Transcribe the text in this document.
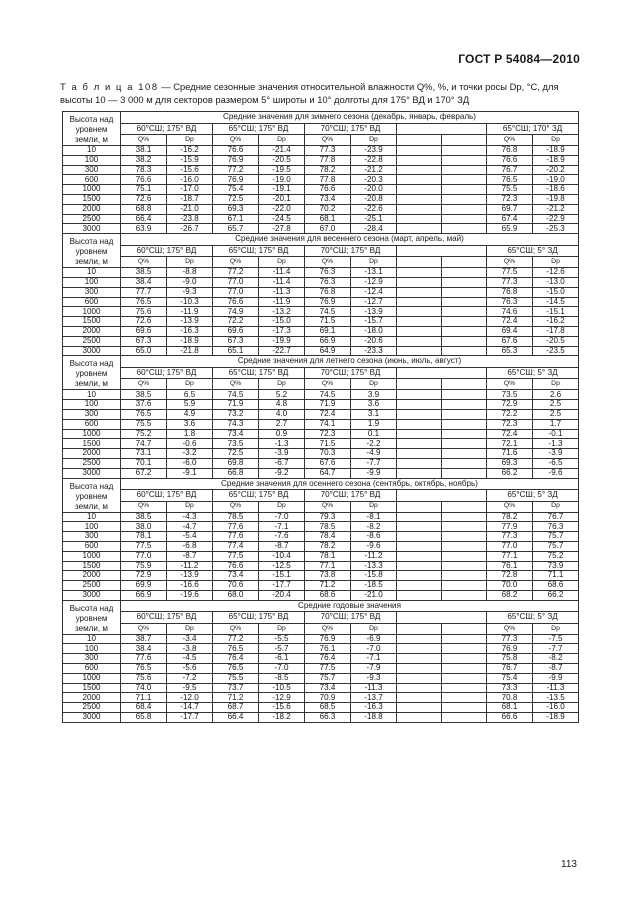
ГОСТ Р 54084—2010
Т а б л и ц а 108 — Средние сезонные значения относительной влажности Q%, %, и точки росы Dp, °С, для высоты 10 — 3 000 м для секторов размером 5° широты и 10° долготы для 175° ВД и 170° ЗД
Высота над уровнем земли, м	Средние значения для зимнего сезона (декабрь, январь, февраль)									
	60°СШ; 175° ВД		65°СШ; 175° ВД		70°СШ; 175° ВД				65°СШ; 170° ЗД	
	Q%	Dp	Q%	Dp	Q%	Dp			Q%	Dp
10	38.1	-16.2	76.6	-21.4	77.3	-23.9			76.8	-18.9
100	38.2	-15.9	76.9	-20.5	77.8	-22.8			76.6	-18.9
300	78.3	-15.6	77.2	-19.5	78.2	-21.2			76.7	-20.2
600	76.6	-16.0	76.9	-19.0	77.8	-20.3			76.5	-19.0
1000	75.1	-17.0	75.4	-19.1	76.6	-20.0			75.5	-18.6
1500	72.6	-18.7	72.5	-20.1	73.4	-20.8			72.3	-19.8
2000	68.8	-21.0	69.3	-22.0	70.2	-22.6			69.7	-21.2
2500	66.4	-23.8	67.1	-24.5	68.1	-25.1			67.4	-22.9
3000	63.9	-26.7	65.7	-27.8	67.0	-28.4			65.9	-25.3
Высота над уровнем земли, м	Средние значения для весеннего сезона (март, апрель, май)									
	60°СШ; 175° ВД		65°СШ; 175° ВД		70°СШ; 175° ВД				65°СШ; 5° ЗД	
	Q%	Dp	Q%	Dp	Q%	Dp			Q%	Dp
10	38.5	-8.8	77.2	-11.4	76.3	-13.1			77.5	-12.6
100	38.4	-9.0	77.0	-11.4	76.3	-12.9			77.3	-13.0
300	77.7	-9.3	77.0	-11.3	76.8	-12.4			76.8	-15.0
600	76.5	-10.3	76.6	-11.9	76.9	-12.7			76.3	-14.5
1000	75.6	-11.9	74.9	-13.2	74.5	-13.9			74.6	-15.1
1500	72.6	-13.9	72.2	-15.0	71.5	-15.7			72.4	-16.2
2000	69.6	-16.3	69.6	-17.3	69.1	-18.0			69.4	-17.8
2500	67.3	-18.9	67.3	-19.9	66.9	-20.6			67.6	-20.5
3000	65.0	-21.8	65.1	-22.7	64.9	-23.3			65.3	-23.5
Высота над уровнем земли, м	Средние значения для летнего сезона (июнь, июль, август)									
	60°СШ; 175° ВД		65°СШ; 175° ВД		70°СШ; 175° ВД				65°СШ; 5° ЗД	
	Q%	Dp	Q%	Dp	Q%	Dp			Q%	Dp
10	38.5	6.5	74.5	5.2	74.5	3.9			73.5	2.6
100	37.6	5.9	71.9	4.8	71.9	3.6			72.9	2.5
300	76.5	4.9	73.2	4.0	72.4	3.1			72.2	2.5
600	75.5	3.6	74.3	2.7	74.1	1.9			72.3	1.7
1000	75.2	1.8	73.4	0.9	72.3	0.1			72.4	-0.1
1500	74.7	-0.6	73.5	-1.3	71.5	-2.2			72.1	-1.3
2000	73.1	-3.2	72.5	-3.9	70.3	-4.9			71.6	-3.9
2500	70.1	-6.0	69.8	-6.7	67.6	-7.7			69.3	-6.5
3000	67.2	-9.1	66.8	-9.2	64.7	-9.9			66.2	-9.6
Высота над уровнем земли, м	Средние значения для осеннего сезона (сентябрь, октябрь, ноябрь)									
	60°СШ; 175° ВД		65°СШ; 175° ВД		70°СШ; 175° ВД				65°СШ; 5° ЗД	
	Q%	Dp	Q%	Dp	Q%	Dp			Q%	Dp
10	38.5	-4.3	78.5	-7.0	79.3	-8.1			78.2	76.7
100	38.0	-4.7	77.6	-7.1	78.5	-8.2			77.9	76.3
300	78.1	-5.4	77.6	-7.6	78.4	-8.6			77.3	75.7
600	77.5	-6.8	77.4	-8.7	78.2	-9.6			77.0	75.7
1000	77.0	-8.7	77.5	-10.4	78.1	-11.2			77.1	75.2
1500	75.9	-11.2	76.6	-12.5	77.1	-13.3			76.1	73.9
2000	72.9	-13.9	73.4	-15.1	73.8	-15.8			72.8	71.1
2500	69.9	-16.6	70.6	-17.7	71.2	-18.5			70.0	68.6
3000	66.9	-19.6	68.0	-20.4	68.6	-21.0			68.2	66.2
Высота над уровнем земли, м	Средние годовые значения									
	60°СШ; 175° ВД		65°СШ; 175° ВД		70°СШ; 175° ВД				65°СШ; 5° ЗД	
	Q%	Dp	Q%	Dp	Q%	Dp			Q%	Dp
10	38.7	-3.4	77.2	-5.5	76.9	-6.9			77.3	-7.5
100	38.4	-3.8	76.5	-5.7	76.1	-7.0			76.9	-7.7
300	77.6	-4.5	76.4	-6.1	76.4	-7.1			75.8	-8.2
600	76.5	-5.6	76.5	-7.0	77.5	-7.9			76.7	-8.7
1000	75.6	-7.2	75.5	-8.5	75.7	-9.3			75.4	-9.9
1500	74.0	-9.5	73.7	-10.5	73.4	-11.3			73.3	-11.3
2000	71.1	-12.0	71.2	-12.9	70.9	-13.7			70.8	-13.5
2500	68.4	-14.7	68.7	-15.6	68.5	-16.3			68.1	-16.0
3000	65.8	-17.7	66.4	-18.2	66.3	-18.8			66.6	-18.9
113
